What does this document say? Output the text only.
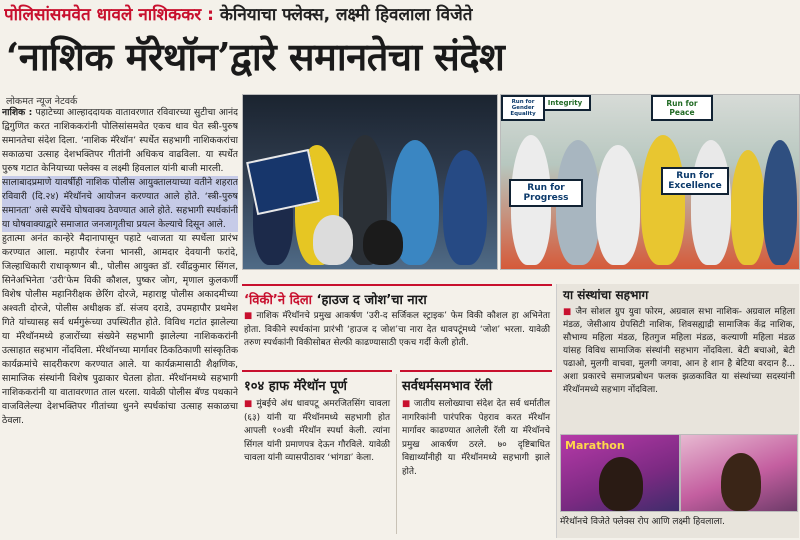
पोलिसांसमवेत धावले नाशिककर : केनियाचा फ्लेक्स, लक्ष्मी हिवलाला विजेते
‘नाशिक मॅरेथॉन’द्वारे समानतेचा संदेश
लोकमत न्यूज नेटवर्क

नाशिक : पहाटेच्या आल्हाददायक वातावरणात रविवारच्या सुटीचा आनंद द्विगुणित करत नाशिककरांनी पोलिसांसमवेत एकच धाव घेत स्त्री-पुरुष समानतेचा संदेश दिला. ‘नाशिक मॅरेथॉन’ स्पर्धेत सहभागी नाशिककरांचा सकाळचा उत्साह देशभक्तिपर गीतांनी अधिकच वाढविला. या स्पर्धेत पुरुष गटात केनियाच्या फ्लेक्स व लक्ष्मी हिवलाल यांनी बाजी मारली.

सालाबादप्रमाणे यावर्षीही नाशिक पोलीस आयुक्तालयाच्या वतीने शहरात रविवारी (दि.२४) मॅरेथॉनचे आयोजन करण्यात आले होते. ‘स्त्री-पुरुष समानता’ असे स्पर्धेचे घोषवाक्य ठेवण्यात आले होते. सहभागी स्पर्धकांनी या घोषवाक्याद्वारे समाजात जनजागृतीचा प्रयत्न केल्याचे दिसून आले.

हुतात्मा अनंत कान्हेरे मैदानापासून पहाटे ५वाजता या स्पर्धेला प्रारंभ करण्यात आला. महापौर रंजना भानसी, आमदार देवयानी फरांदे, जिल्हाधिकारी राधाकृष्णन बी., पोलीस आयुक्त डॉ. रवींद्रकुमार सिंगल, सिनेअभिनेता ‘उरी’फेम विकी कौशल, पुष्कर जोग, मृणाल कुलकर्णी विशेष पोलीस महानिरीक्षक छेरिंग दोरजे, महाराष्ट्र पोलीस अकादमीच्या अश्वती दोरजे, पोलीस अधीक्षक डॉ. संजय दराडे, उपमहापौर प्रथमेश गिते यांच्यासह सर्व धर्मगुरूंच्या उपस्थितीत होते. विविध गटांत झालेल्या या मॅरेथॉनमध्ये हजारोंच्या संख्येने सहभागी झालेल्या नाशिककरांनी उत्साहात सहभाग नोंदविला. मॅरेथॉनच्या मार्गावर ठिकठिकाणी सांस्कृतिक कार्यक्रमांचे सादरीकरण करण्यात आले. या कार्यक्रमासाठी शैक्षणिक, सामाजिक संस्थांनी विशेष पुढाकार घेतला होता. मॅरेथॉनमध्ये सहभागी नाशिककरांनी या वातावरणात ताल धरला. यावेळी पोलीस बॅण्ड पथकाने वाजविलेल्या देशभक्तिपर गीतांच्या धुनने स्पर्धकांचा उत्साह सकाळचा ठेवला.

Run for Progress
Run for Excellence
Run for Peace
Integrity
Run for Gender Equality
‘विकी’ने दिला ‘हाउज द जोश’चा नारा
■ नाशिक मॅरेथॉनचे प्रमुख आकर्षण ‘उरी-द सर्जिकल स्ट्राइक’ फेम विकी कौशल हा अभिनेता होता. विकीने स्पर्धकांना प्रारंभी ‘हाउज द जोश’चा नारा देत धावपटूंमध्ये ‘जोश’ भरला. यावेळी तरुण स्पर्धकांनी विकीसोबत सेल्फी काढण्यासाठी एकच गर्दी केली होती.
१०४ हाफ मॅरेथॉन पूर्ण
■ मुंबईचे अंध धावपटू अमरजितसिंग चावला (६३) यांनी या मॅरेथॉनमध्ये सहभागी होत आपली १०४वी मॅरेथॉन स्पर्धा केली. त्यांना सिंगल यांनी प्रमाणपत्र देऊन गौरविले. यावेळी चावला यांनी व्यासपीठावर ‘भांगडा’ केला.
सर्वधर्मसमभाव रॅली
■ जातीय सलोख्याचा संदेश देत सर्व धर्मातील नागरिकांनी पारंपरिक पेहराव करत मॅरेथॉन मार्गावर काढण्यात आलेली रॅली या मॅरेथॉनचे प्रमुख आकर्षण ठरले. ७० दृष्टिबाधित विद्यार्थ्यांनीही या मॅरेथॉनमध्ये सहभागी झाले होते.
या संस्थांचा सहभाग
■ जैन सोशल ग्रुप युवा फोरम, अग्रवाल सभा नाशिक- अग्रवाल महिला मंडळ, जेसीआय ग्रेपसिटी नाशिक, शिवसह्याद्री सामाजिक केंद्र नाशिक, सौभाग्य महिला मंडळ, हितगुज महिला मंडळ, कल्याणी महिला मंडळ यांसह विविध सामाजिक संस्थांनी सहभाग नोंदविला. बेटी बचाओ, बेटी पढाओ, मुलगी वाचवा, मुलगी जगवा, आन हे शान है बेटिया वरदान है... अशा प्रकारचे समाजप्रबोधन फलक झळकावित या संस्थांच्या सदस्यांनी मॅरेथॉनमध्ये सहभाग नोंदविला.
Marathon
मॅरेथॉनचे विजेते फ्लेक्स रोप आणि लक्ष्मी हिवलाला.
